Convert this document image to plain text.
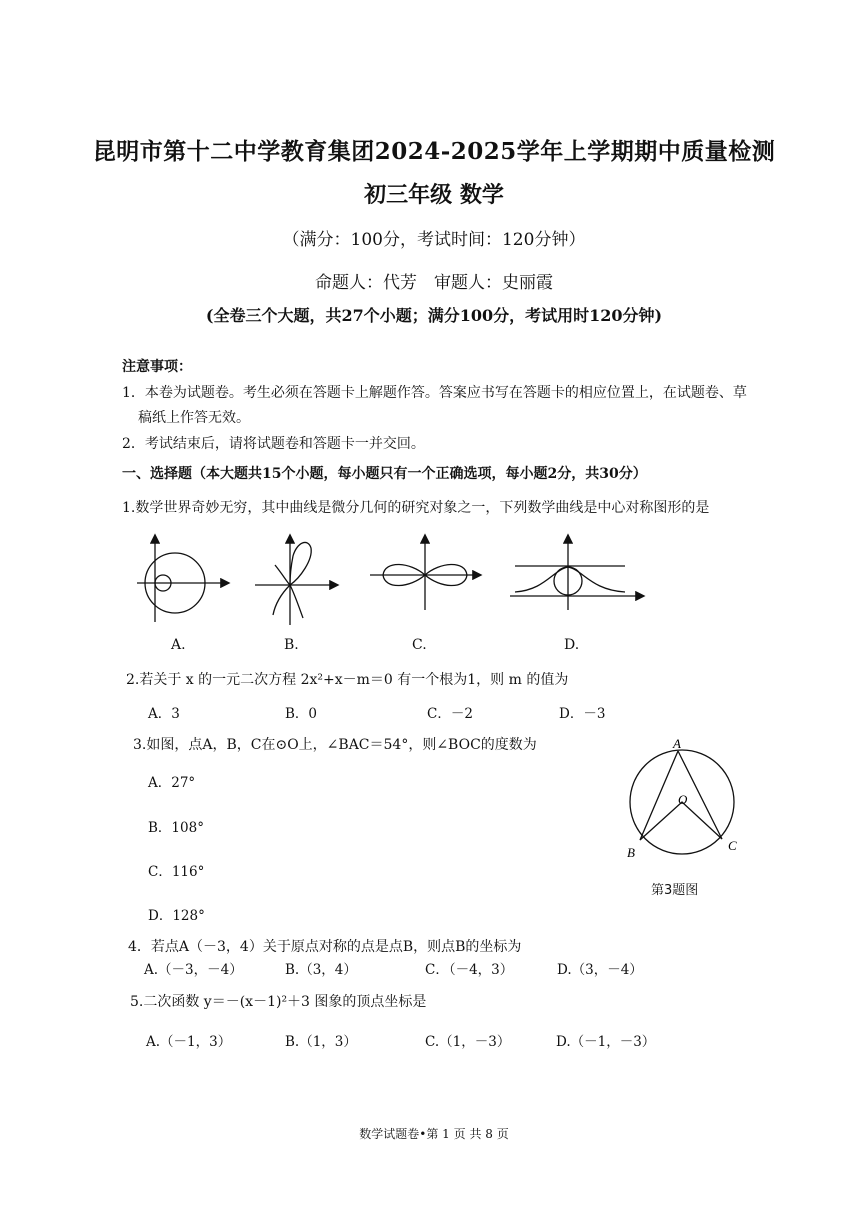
昆明市第十二中学教育集团2024-2025学年上学期期中质量检测
初三年级 数学
（满分：100分，考试时间：120分钟）
命题人：代芳　审题人：史丽霞
(全卷三个大题，共27个小题；满分100分，考试用时120分钟)
注意事项：
1．本卷为试题卷。考生必须在答题卡上解题作答。答案应书写在答题卡的相应位置上，在试题卷、草
稿纸上作答无效。
2．考试结束后，请将试题卷和答题卡一并交回。
一、选择题（本大题共15个小题，每小题只有一个正确选项，每小题2分，共30分）
1.数学世界奇妙无穷，其中曲线是微分几何的研究对象之一，下列数学曲线是中心对称图形的是
A.	B.	C.	D.
2.若关于 x 的一元二次方程 2x²+x－m＝0 有一个根为1，则 m 的值为
A．3	B．0	C．－2	D．－3
3.如图，点A，B，C在⊙O上，∠BAC＝54°，则∠BOC的度数为
A．27°
B．108°
C．116°
D．128°
A
O
B	C
第3题图
4．若点A（－3，4）关于原点对称的点是点B，则点B的坐标为
A.（－3，－4）	B.（3，4）	C．（－4，3）	D.（3，－4）
5.二次函数 y＝－(x－1)²＋3 图象的顶点坐标是
A.（－1，3）	B.（1，3）	C.（1，－3）	D.（－1，－3）
数学试题卷•第 1 页 共 8 页
